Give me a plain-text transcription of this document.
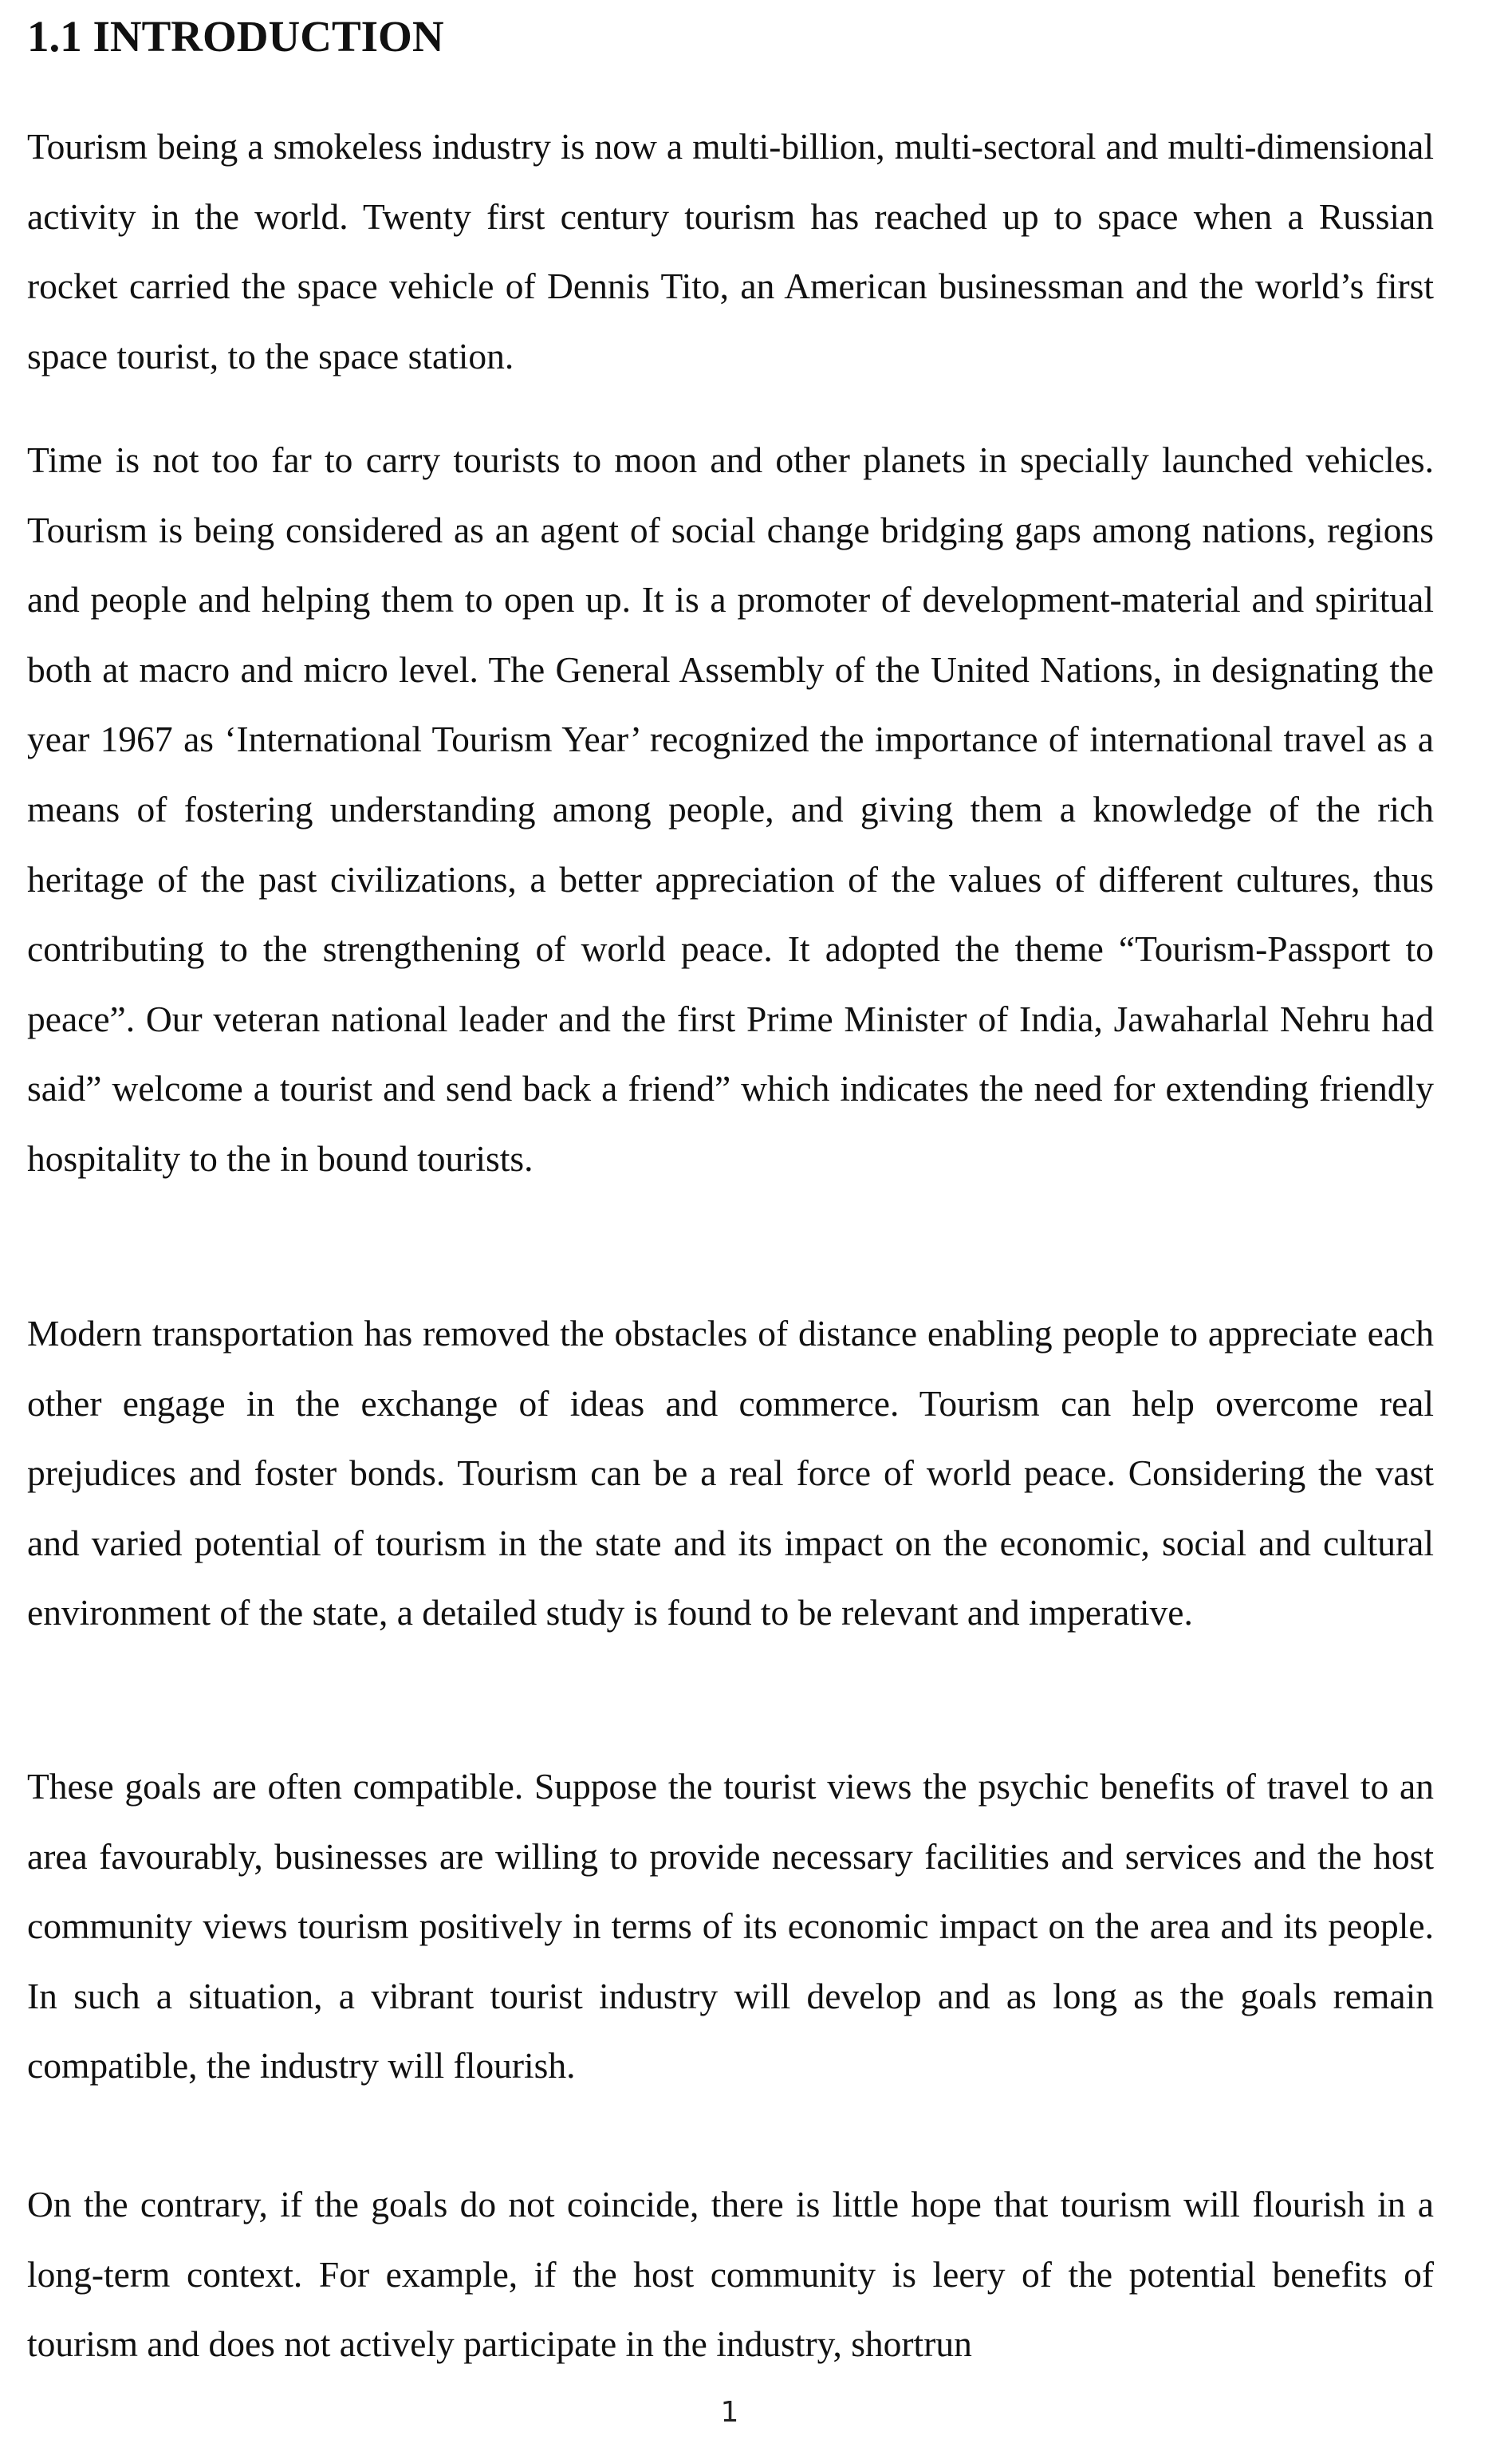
1.1 INTRODUCTION

Tourism being a smokeless industry is now a multi-billion, multi-sectoral and multi-dimensional activity in the world. Twenty first century tourism has reached up to space when a Russian rocket carried the space vehicle of Dennis Tito, an American businessman and the world’s first space tourist, to the space station.

Time is not too far to carry tourists to moon and other planets in specially launched vehicles. Tourism is being considered as an agent of social change bridging gaps among nations, regions and people and helping them to open up. It is a promoter of development-material and spiritual both at macro and micro level. The General Assembly of the United Nations, in designating the year 1967 as ‘International Tourism Year’ recognized the importance of international travel as a means of fostering understanding among people, and giving them a knowledge of the rich heritage of the past civilizations, a better appreciation of the values of different cultures, thus contributing to the strengthening of world peace. It adopted the theme “Tourism-Passport to peace”. Our veteran national leader and the first Prime Minister of India, Jawaharlal Nehru had said” welcome a tourist and send back a friend” which indicates the need for extending friendly hospitality to the in bound tourists.

Modern transportation has removed the obstacles of distance enabling people to appreciate each other engage in the exchange of ideas and commerce. Tourism can help overcome real prejudices and foster bonds. Tourism can be a real force of world peace. Considering the vast and varied potential of tourism in the state and its impact on the economic, social and cultural environment of the state, a detailed study is found to be relevant and imperative.

These goals are often compatible. Suppose the tourist views the psychic benefits of travel to an area favourably, businesses are willing to provide necessary facilities and services and the host community views tourism positively in terms of its economic impact on the area and its people. In such a situation, a vibrant tourist industry will develop and as long as the goals remain compatible, the industry will flourish.

On the contrary, if the goals do not coincide, there is little hope that tourism will flourish in a long-term context. For example, if the host community is leery of the potential benefits of tourism and does not actively participate in the industry, shortrun

1
